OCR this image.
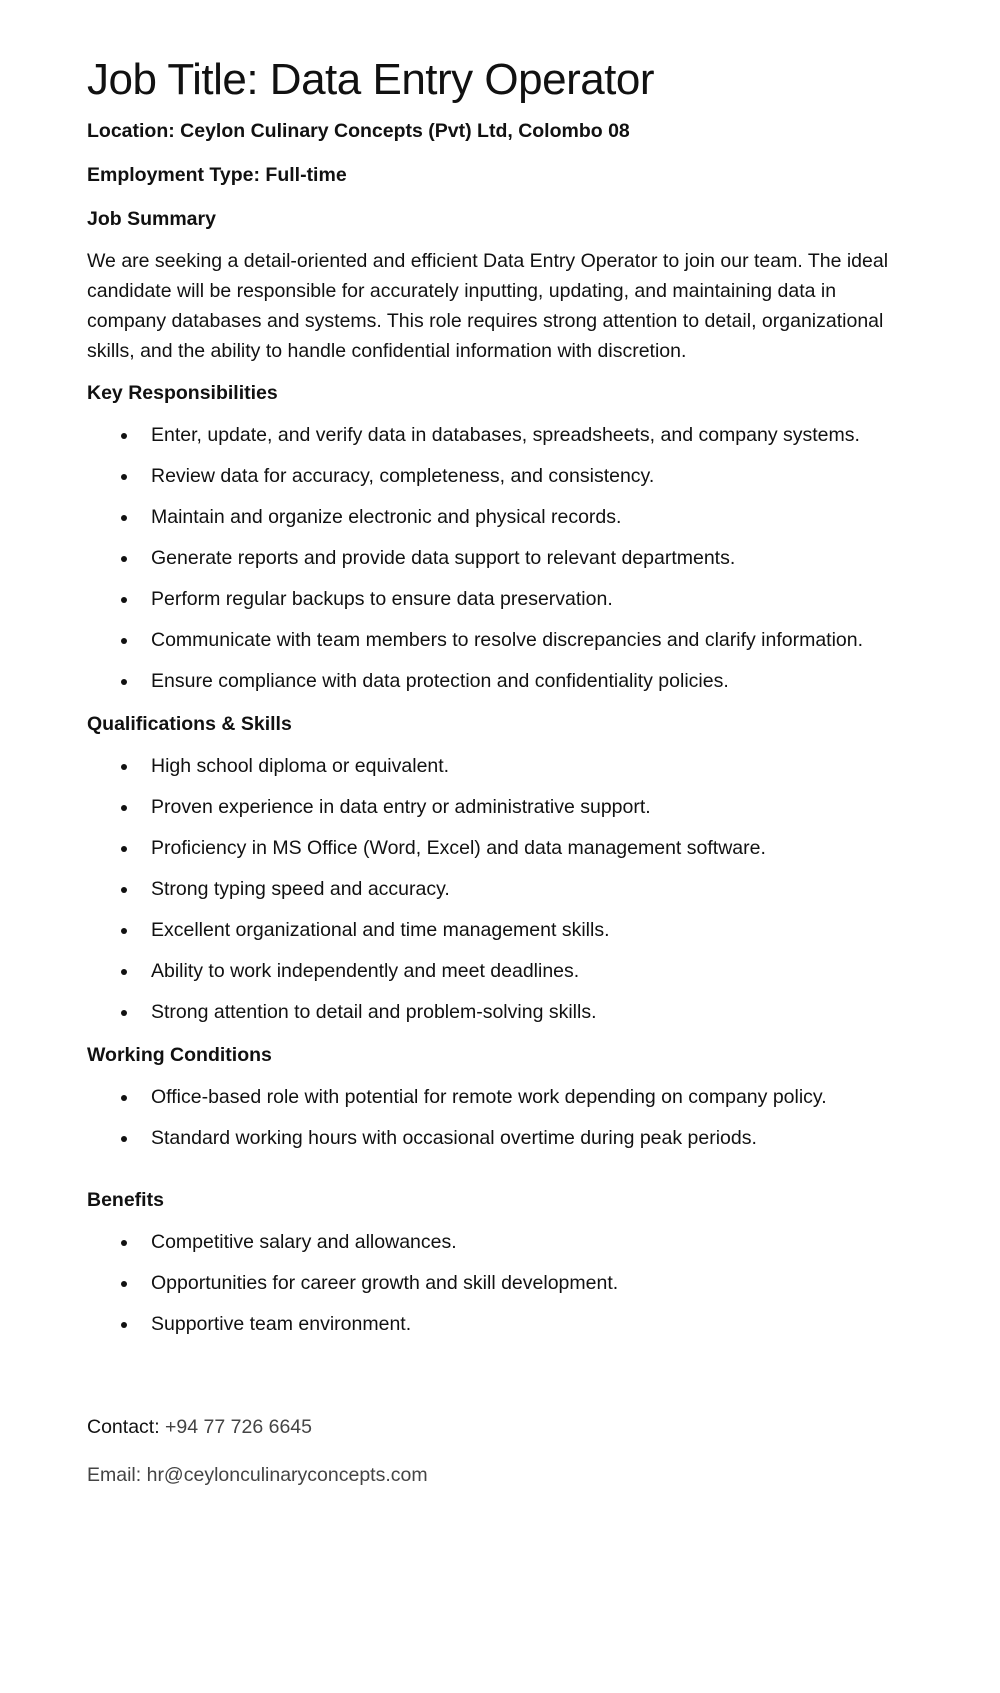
Job Title: Data Entry Operator

Location: Ceylon Culinary Concepts (Pvt) Ltd, Colombo 08

Employment Type: Full-time

Job Summary

We are seeking a detail-oriented and efficient Data Entry Operator to join our team. The ideal candidate will be responsible for accurately inputting, updating, and maintaining data in company databases and systems. This role requires strong attention to detail, organizational skills, and the ability to handle confidential information with discretion.

Key Responsibilities

Enter, update, and verify data in databases, spreadsheets, and company systems.
Review data for accuracy, completeness, and consistency.
Maintain and organize electronic and physical records.
Generate reports and provide data support to relevant departments.
Perform regular backups to ensure data preservation.
Communicate with team members to resolve discrepancies and clarify information.
Ensure compliance with data protection and confidentiality policies.

Qualifications & Skills

High school diploma or equivalent.
Proven experience in data entry or administrative support.
Proficiency in MS Office (Word, Excel) and data management software.
Strong typing speed and accuracy.
Excellent organizational and time management skills.
Ability to work independently and meet deadlines.
Strong attention to detail and problem-solving skills.

Working Conditions

Office-based role with potential for remote work depending on company policy.
Standard working hours with occasional overtime during peak periods.

Benefits

Competitive salary and allowances.
Opportunities for career growth and skill development.
Supportive team environment.

Contact: +94 77 726 6645

Email: hr@ceylonculinaryconcepts.com
